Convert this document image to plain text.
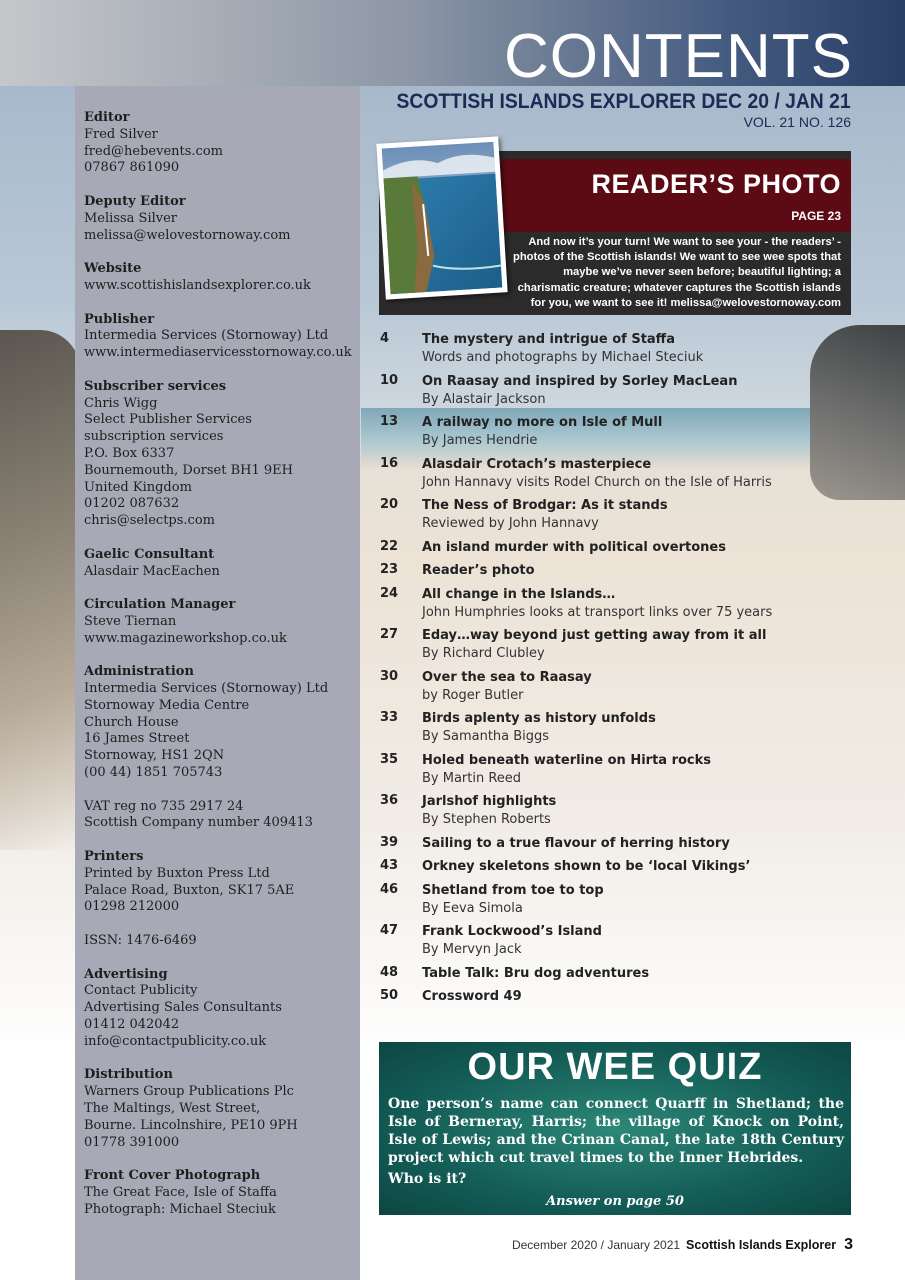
CONTENTS
SCOTTISH ISLANDS EXPLORER DEC 20 / JAN 21
VOL. 21 NO. 126
Editor
Fred Silver
fred@hebevents.com
07867 861090
Deputy Editor
Melissa Silver
melissa@welovestornoway.com
Website
www.scottishislandsexplorer.co.uk
Publisher
Intermedia Services (Stornoway) Ltd
www.intermediaservicesstornoway.co.uk
Subscriber services
Chris Wigg
Select Publisher Services
subscription services
P.O. Box 6337
Bournemouth, Dorset BH1 9EH
United Kingdom
01202 087632
chris@selectps.com
Gaelic Consultant
Alasdair MacEachen
Circulation Manager
Steve Tiernan
www.magazineworkshop.co.uk
Administration
Intermedia Services (Stornoway) Ltd
Stornoway Media Centre
Church House
16 James Street
Stornoway, HS1 2QN
(00 44) 1851 705743
VAT reg no 735 2917 24
Scottish Company number 409413
Printers
Printed by Buxton Press Ltd
Palace Road, Buxton, SK17 5AE
01298 212000
ISSN: 1476-6469
Advertising
Contact Publicity
Advertising Sales Consultants
01412 042042
info@contactpublicity.co.uk
Distribution
Warners Group Publications Plc
The Maltings, West Street,
Bourne. Lincolnshire, PE10 9PH
01778 391000
Front Cover Photograph
The Great Face, Isle of Staffa
Photograph: Michael Steciuk
READER’S PHOTO
PAGE 23
And now it’s your turn! We want to see your - the readers’ - photos of the Scottish islands! We want to see wee spots that maybe we’ve never seen before; beautiful lighting; a charismatic creature; whatever captures the Scottish islands for you, we want to see it! melissa@welovestornoway.com
4	The mystery and intrigue of Staffa
Words and photographs by Michael Steciuk
10 On Raasay and inspired by Sorley MacLean
By Alastair Jackson
13 A railway no more on Isle of Mull
By James Hendrie
16 Alasdair Crotach’s masterpiece
John Hannavy visits Rodel Church on the Isle of Harris
20 The Ness of Brodgar: As it stands
Reviewed by John Hannavy
22 An island murder with political overtones
23 Reader’s photo
24 All change in the Islands…
John Humphries looks at transport links over 75 years
27 Eday…way beyond just getting away from it all
By Richard Clubley
30 Over the sea to Raasay
by Roger Butler
33 Birds aplenty as history unfolds
By Samantha Biggs
35 Holed beneath waterline on Hirta rocks
By Martin Reed
36 Jarlshof highlights
By Stephen Roberts
39 Sailing to a true flavour of herring history
43 Orkney skeletons shown to be ‘local Vikings’
46 Shetland from toe to top
By Eeva Simola
47 Frank Lockwood’s Island
By Mervyn Jack
48 Table Talk: Bru dog adventures
50 Crossword 49
OUR WEE QUIZ
One person’s name can connect Quarff in Shetland; the Isle of Berneray, Harris; the village of Knock on Point, Isle of Lewis; and the Crinan Canal, the late 18th Century project which cut travel times to the Inner Hebrides.
Who is it?
Answer on page 50
December 2020 / January 2021 Scottish Islands Explorer 3
